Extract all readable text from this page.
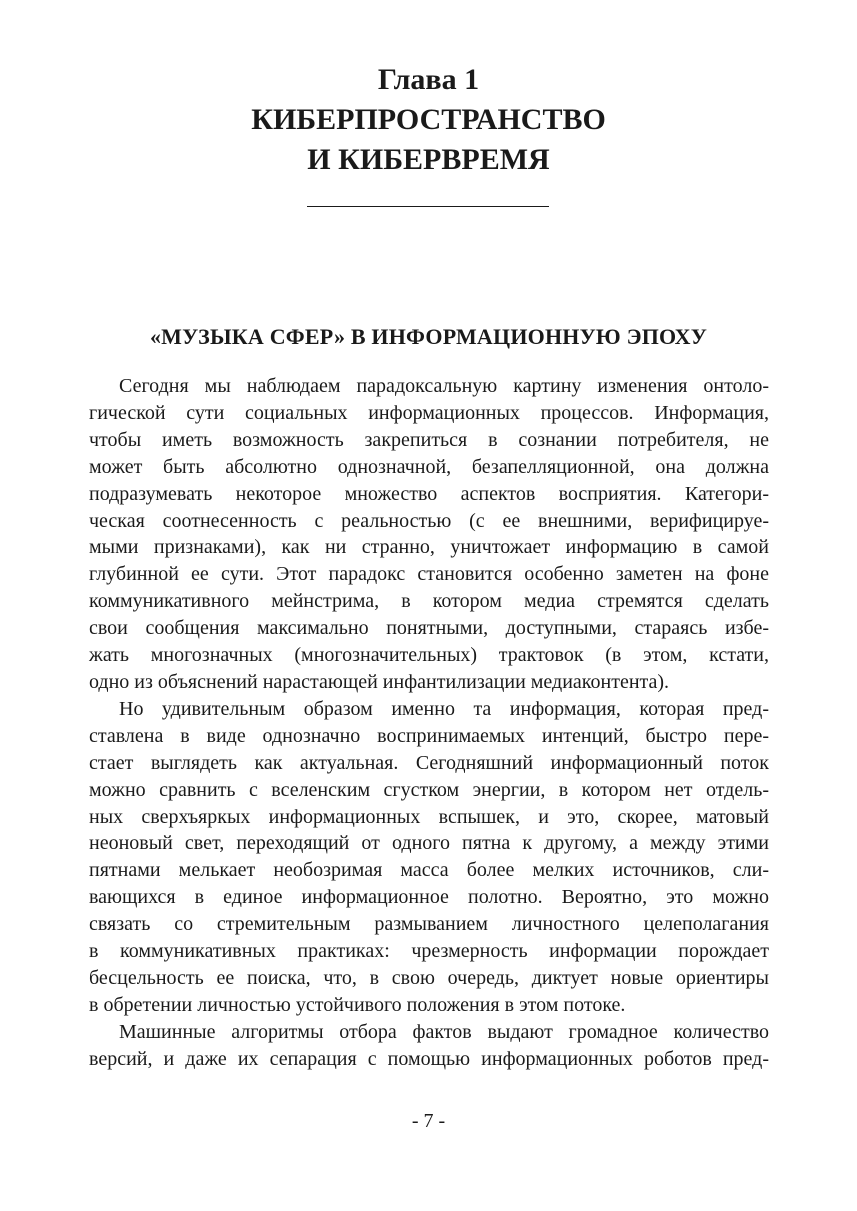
Глава 1
КИБЕРПРОСТРАНСТВО
И КИБЕРВРЕМЯ
«МУЗЫКА СФЕР» В ИНФОРМАЦИОННУЮ ЭПОХУ
Сегодня мы наблюдаем парадоксальную картину изменения онтоло-
гической сути социальных информационных процессов. Информация,
чтобы иметь возможность закрепиться в сознании потребителя, не
может быть абсолютно однозначной, безапелляционной, она должна
подразумевать некоторое множество аспектов восприятия. Категори-
ческая соотнесенность с реальностью (с ее внешними, верифицируе-
мыми признаками), как ни странно, уничтожает информацию в самой
глубинной ее сути. Этот парадокс становится особенно заметен на фоне
коммуникативного мейнстрима, в котором медиа стремятся сделать
свои сообщения максимально понятными, доступными, стараясь избе-
жать многозначных (многозначительных) трактовок (в этом, кстати,
одно из объяснений нарастающей инфантилизации медиаконтента).
Но удивительным образом именно та информация, которая пред-
ставлена в виде однозначно воспринимаемых интенций, быстро пере-
стает выглядеть как актуальная. Сегодняшний информационный поток
можно сравнить с вселенским сгустком энергии, в котором нет отдель-
ных сверхъяркых информационных вспышек, и это, скорее, матовый
неоновый свет, переходящий от одного пятна к другому, а между этими
пятнами мелькает необозримая масса более мелких источников, сли-
вающихся в единое информационное полотно. Вероятно, это можно
связать со стремительным размыванием личностного целеполагания
в коммуникативных практиках: чрезмерность информации порождает
бесцельность ее поиска, что, в свою очередь, диктует новые ориентиры
в обретении личностью устойчивого положения в этом потоке.
Машинные алгоритмы отбора фактов выдают громадное количество
версий, и даже их сепарация с помощью информационных роботов пред-
- 7 -
